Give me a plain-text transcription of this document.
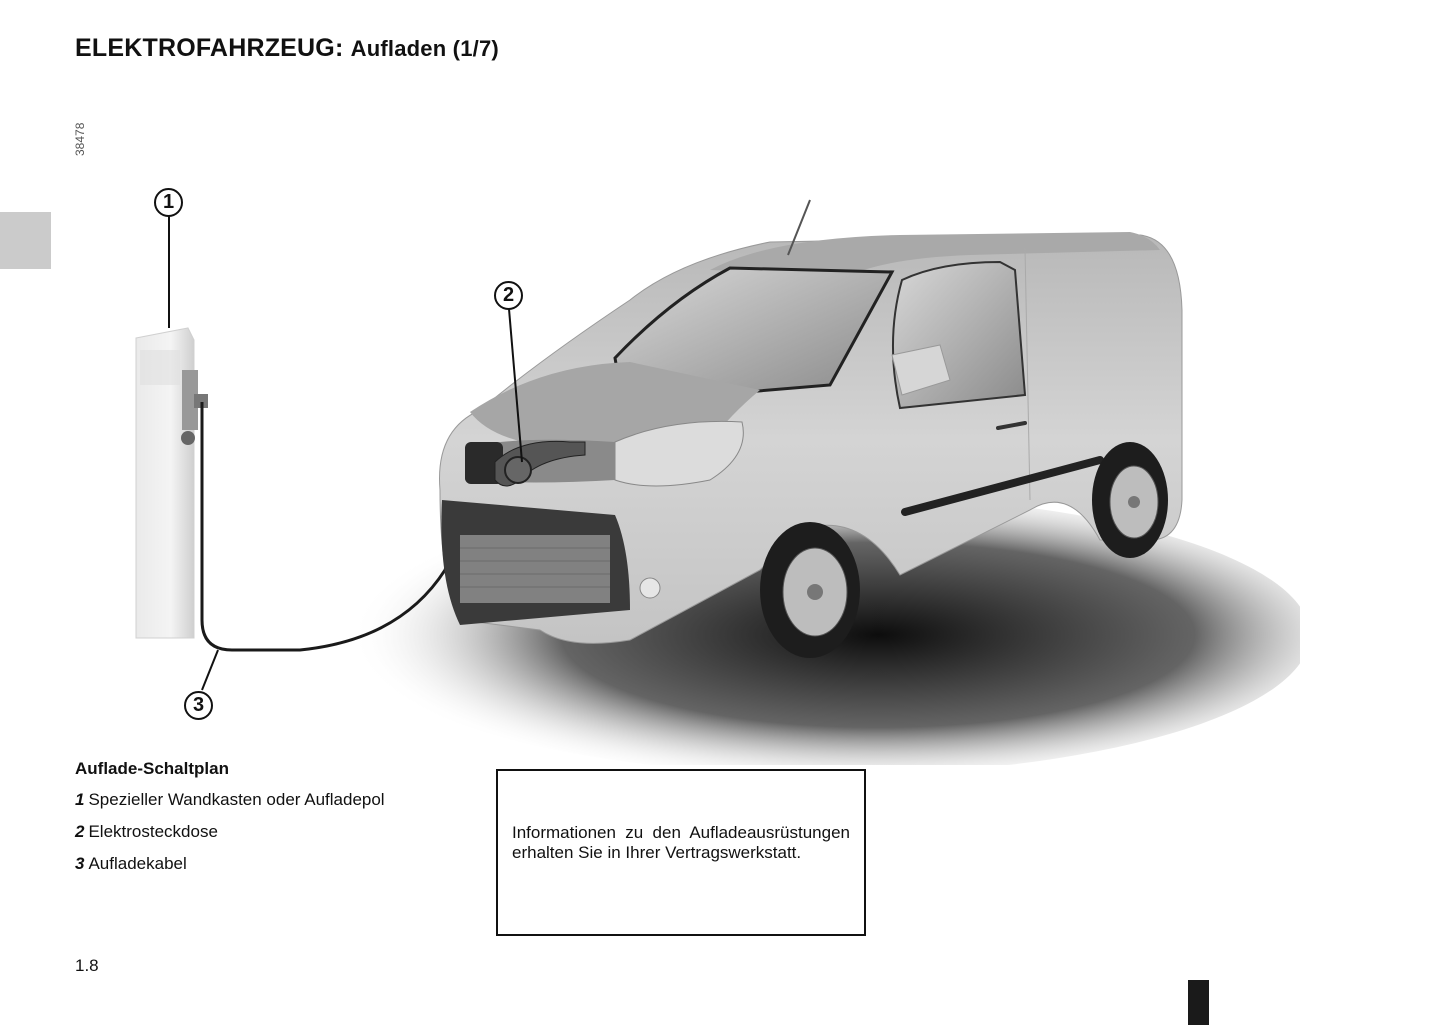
ELEKTROFAHRZEUG: Aufladen (1/7)
38478
1
2
3
Auflade-Schaltplan
1 Spezieller Wandkasten oder Aufladepol
2 Elektrosteckdose
3 Aufladekabel
Informationen zu den Aufladeausrüstungen erhalten Sie in Ihrer Vertragswerkstatt.
1.8
